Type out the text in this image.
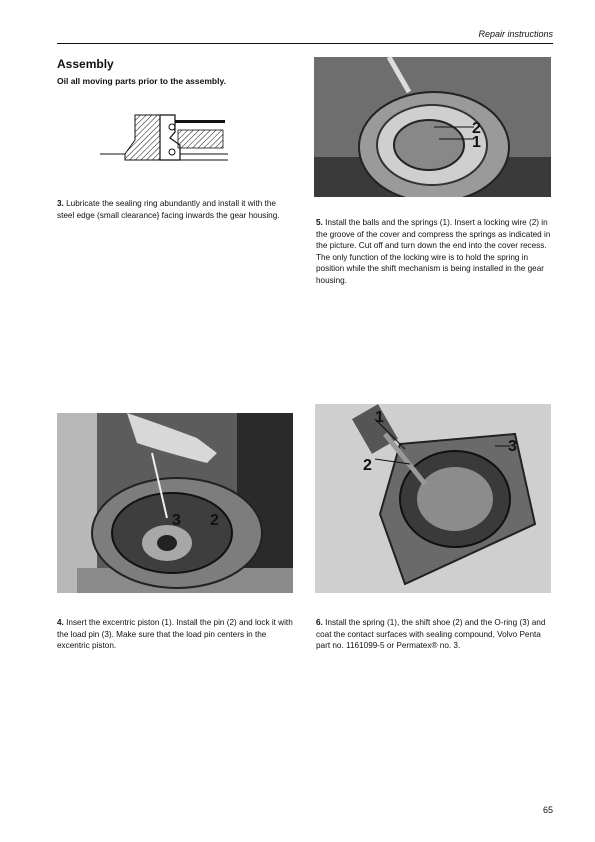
Repair instructions
Assembly
Oil all moving parts prior to the assembly.
3. Lubricate the sealing ring abundantly and install it with the steel edge (small clearance} facing inwards the gear housing.
2
1
5. Install the balls and the springs (1). Insert a locking wire (2) in the groove of the cover and compress the springs as indicated in the picture. Cut off and turn down the end into the cover recess. The only function of the locking wire is to hold the spring in position while the shift mechanism is being installed in the gear housing.
3 2
4. Insert the excentric piston (1). Install the pin (2) and lock it with the load pin (3). Make sure that the load pin centers in the excentric piston.
1
2
3
6. Install the spring (1), the shift shoe (2) and the O-ring (3) and coat the contact surfaces with sealing compound, Volvo Penta part no. 1161099-5 or Permatex® no. 3.
65
